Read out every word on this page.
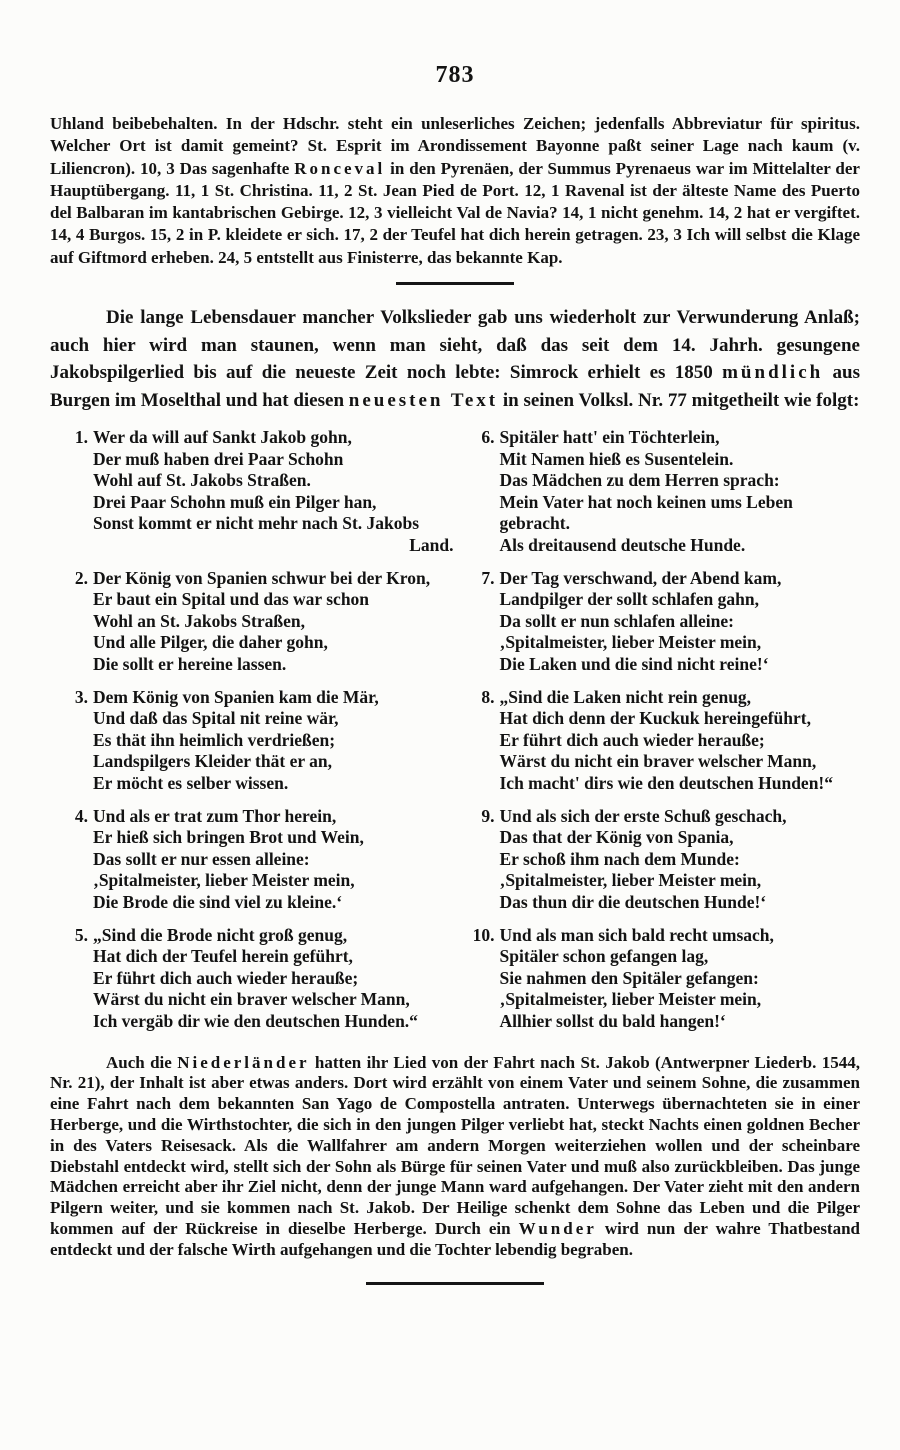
783

Uhland beibebehalten. In der Hdschr. steht ein unleserliches Zeichen; jedenfalls Abbreviatur für spiritus. Welcher Ort ist damit gemeint? St. Esprit im Arondissement Bayonne paßt seiner Lage nach kaum (v. Liliencron). 10, 3 Das sagenhafte Ronceval in den Pyrenäen, der Summus Pyrenaeus war im Mittelalter der Hauptübergang. 11, 1 St. Christina. 11, 2 St. Jean Pied de Port. 12, 1 Ravenal ist der älteste Name des Puerto del Balbaran im kantabrischen Gebirge. 12, 3 vielleicht Val de Navia? 14, 1 nicht genehm. 14, 2 hat er vergiftet. 14, 4 Burgos. 15, 2 in P. kleidete er sich. 17, 2 der Teufel hat dich herein getragen. 23, 3 Ich will selbst die Klage auf Giftmord erheben. 24, 5 entstellt aus Finisterre, das bekannte Kap.

Die lange Lebensdauer mancher Volkslieder gab uns wiederholt zur Verwunderung Anlaß; auch hier wird man staunen, wenn man sieht, daß das seit dem 14. Jahrh. gesungene Jakobspilgerlied bis auf die neueste Zeit noch lebte: Simrock erhielt es 1850 mündlich aus Burgen im Moselthal und hat diesen neuesten Text in seinen Volksl. Nr. 77 mitgetheilt wie folgt:

1. Wer da will auf Sankt Jakob gohn,
Der muß haben drei Paar Schohn
Wohl auf St. Jakobs Straßen.
Drei Paar Schohn muß ein Pilger han,
Sonst kommt er nicht mehr nach St. Jakobs
Land.
2. Der König von Spanien schwur bei der Kron,
Er baut ein Spital und das war schon
Wohl an St. Jakobs Straßen,
Und alle Pilger, die daher gohn,
Die sollt er hereine lassen.
3. Dem König von Spanien kam die Mär,
Und daß das Spital nit reine wär,
Es thät ihn heimlich verdrießen;
Landspilgers Kleider thät er an,
Er möcht es selber wissen.
4. Und als er trat zum Thor herein,
Er hieß sich bringen Brot und Wein,
Das sollt er nur essen alleine:
‚Spitalmeister, lieber Meister mein,
Die Brode die sind viel zu kleine.‘
5. „Sind die Brode nicht groß genug,
Hat dich der Teufel herein geführt,
Er führt dich auch wieder herauße;
Wärst du nicht ein braver welscher Mann,
Ich vergäb dir wie den deutschen Hunden.“
6. Spitäler hatt' ein Töchterlein,
Mit Namen hieß es Susentelein.
Das Mädchen zu dem Herren sprach:
Mein Vater hat noch keinen ums Leben gebracht.
Als dreitausend deutsche Hunde.
7. Der Tag verschwand, der Abend kam,
Landpilger der sollt schlafen gahn,
Da sollt er nun schlafen alleine:
‚Spitalmeister, lieber Meister mein,
Die Laken und die sind nicht reine!‘
8. „Sind die Laken nicht rein genug,
Hat dich denn der Kuckuk hereingeführt,
Er führt dich auch wieder herauße;
Wärst du nicht ein braver welscher Mann,
Ich macht' dirs wie den deutschen Hunden!“
9. Und als sich der erste Schuß geschach,
Das that der König von Spania,
Er schoß ihm nach dem Munde:
‚Spitalmeister, lieber Meister mein,
Das thun dir die deutschen Hunde!‘
10. Und als man sich bald recht umsach,
Spitäler schon gefangen lag,
Sie nahmen den Spitäler gefangen:
‚Spitalmeister, lieber Meister mein,
Allhier sollst du bald hangen!‘

Auch die Niederländer hatten ihr Lied von der Fahrt nach St. Jakob (Antwerpner Liederb. 1544, Nr. 21), der Inhalt ist aber etwas anders. Dort wird erzählt von einem Vater und seinem Sohne, die zusammen eine Fahrt nach dem bekannten San Yago de Compostella antraten. Unterwegs übernachteten sie in einer Herberge, und die Wirthstochter, die sich in den jungen Pilger verliebt hat, steckt Nachts einen goldnen Becher in des Vaters Reisesack. Als die Wallfahrer am andern Morgen weiterziehen wollen und der scheinbare Diebstahl entdeckt wird, stellt sich der Sohn als Bürge für seinen Vater und muß also zurückbleiben. Das junge Mädchen erreicht aber ihr Ziel nicht, denn der junge Mann ward aufgehangen. Der Vater zieht mit den andern Pilgern weiter, und sie kommen nach St. Jakob. Der Heilige schenkt dem Sohne das Leben und die Pilger kommen auf der Rückreise in dieselbe Herberge. Durch ein Wunder wird nun der wahre Thatbestand entdeckt und der falsche Wirth aufgehangen und die Tochter lebendig begraben.
